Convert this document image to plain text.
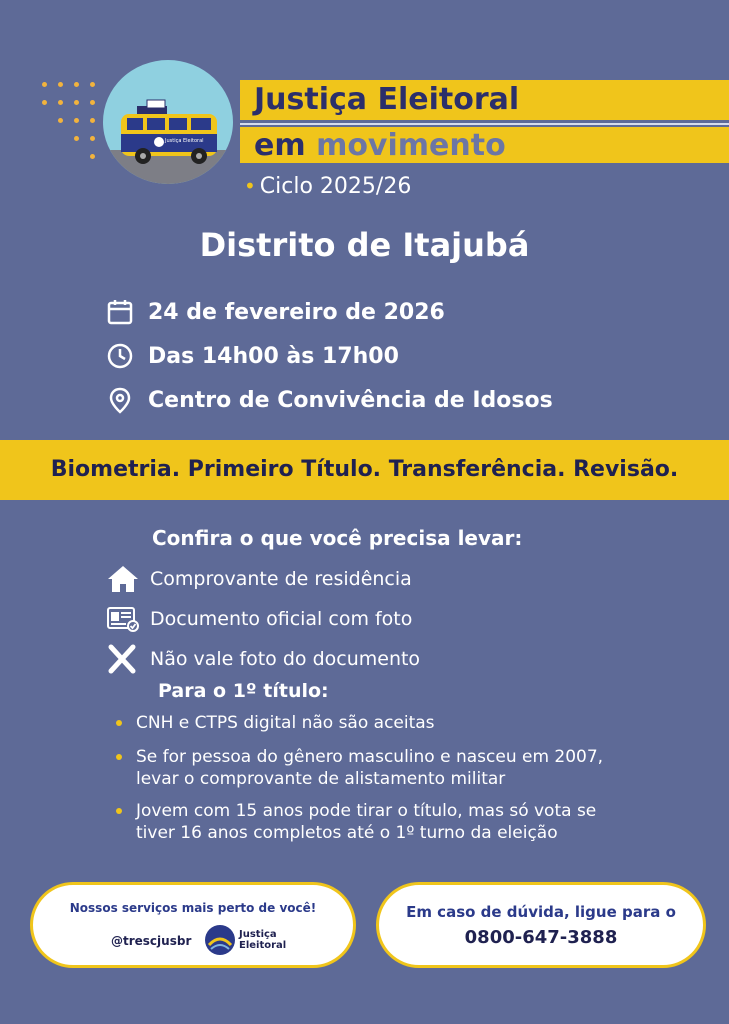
Justiça Eleitoral
Justiça Eleitoral
em movimento
• Ciclo 2025/26
Distrito de Itajubá
24 de fevereiro de 2026
Das 14h00 às 17h00
Centro de Convivência de Idosos
Biometria. Primeiro Título. Transferência. Revisão.
Confira o que você precisa levar:
Comprovante de residência
Documento oficial com foto
Não vale foto do documento
Para o 1º título:
CNH e CTPS digital não são aceitas
Se for pessoa do gênero masculino e nasceu em 2007,
levar o comprovante de alistamento militar
Jovem com 15 anos pode tirar o título, mas só vota se
tiver 16 anos completos até o 1º turno da eleição
Nossos serviços mais perto de você!
@trescjusbr	Justiça
Eleitoral
Em caso de dúvida, ligue para o
0800-647-3888
